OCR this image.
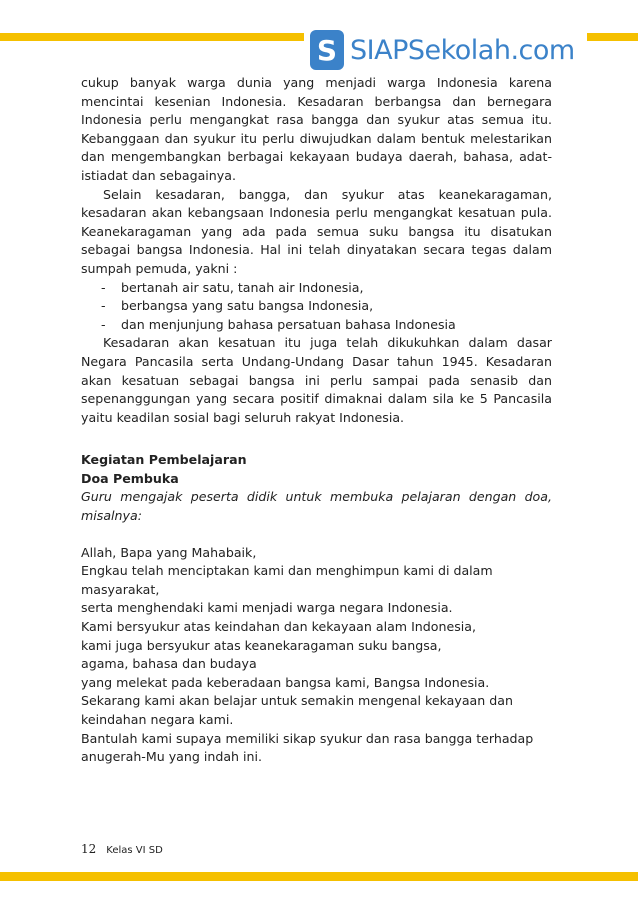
S SIAPSekolah.com

cukup banyak warga dunia yang menjadi warga Indonesia karena mencintai kesenian Indonesia. Kesadaran berbangsa dan bernegara Indonesia perlu mengangkat rasa bangga dan syukur atas semua itu. Kebanggaan dan syukur itu perlu diwujudkan dalam bentuk melestarikan dan mengembangkan berbagai kekayaan budaya daerah, bahasa, adat-istiadat dan sebagainya.

Selain kesadaran, bangga, dan syukur atas keanekaragaman, kesadaran akan kebangsaan Indonesia perlu mengangkat kesatuan pula. Keanekaragaman yang ada pada semua suku bangsa itu disatukan sebagai bangsa Indonesia. Hal ini telah dinyatakan secara tegas dalam sumpah pemuda, yakni :

-	bertanah air satu, tanah air Indonesia,
-	berbangsa yang satu bangsa Indonesia,
-	dan menjunjung bahasa persatuan bahasa Indonesia

Kesadaran akan kesatuan itu juga telah dikukuhkan dalam dasar Negara Pancasila serta Undang-Undang Dasar tahun 1945. Kesadaran akan kesatuan sebagai bangsa ini perlu sampai pada senasib dan sepenanggungan yang secara positif dimaknai dalam sila ke 5 Pancasila yaitu keadilan sosial bagi seluruh rakyat Indonesia.

Kegiatan Pembelajaran

Doa Pembuka

Guru mengajak peserta didik untuk membuka pelajaran dengan doa, misalnya:

Allah, Bapa yang Mahabaik,

Engkau telah menciptakan kami dan menghimpun kami di dalam masyarakat,

serta menghendaki kami menjadi warga negara Indonesia.

Kami bersyukur atas keindahan dan kekayaan alam Indonesia,

kami juga bersyukur atas keanekaragaman suku bangsa,

agama, bahasa dan budaya

yang melekat pada keberadaan bangsa kami, Bangsa Indonesia.

Sekarang kami akan belajar untuk semakin mengenal kekayaan dan keindahan negara kami.

Bantulah kami supaya memiliki sikap syukur dan rasa bangga terhadap anugerah-Mu yang indah ini.

12 Kelas VI SD
